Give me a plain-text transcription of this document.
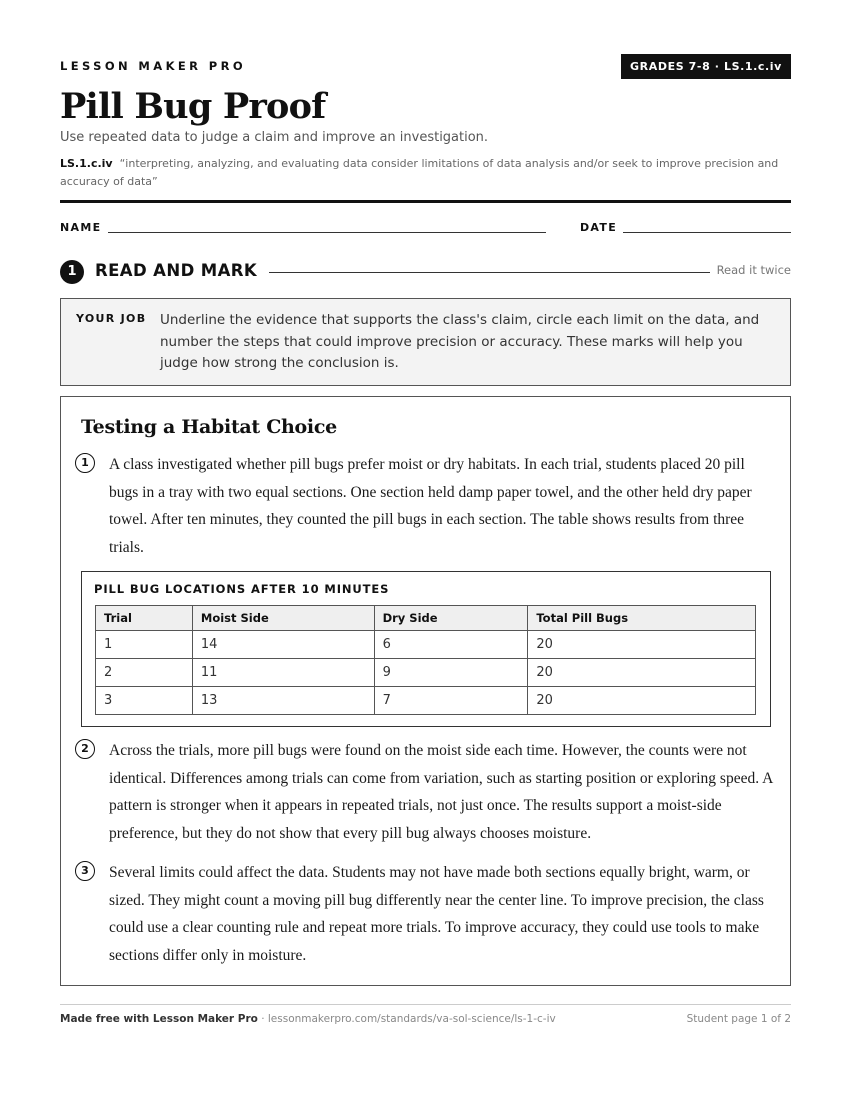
LESSON MAKER PRO	GRADES 7-8 · LS.1.c.iv
Pill Bug Proof
Use repeated data to judge a claim and improve an investigation.
LS.1.c.iv “interpreting, analyzing, and evaluating data consider limitations of data analysis and/or seek to improve precision and accuracy of data”
NAME	DATE
1	READ AND MARK	Read it twice
YOUR JOB Underline the evidence that supports the class's claim, circle each limit on the data, and number the steps that could improve precision or accuracy. These marks will help you judge how strong the conclusion is.
Testing a Habitat Choice
1	A class investigated whether pill bugs prefer moist or dry habitats. In each trial, students placed 20 pill bugs in a tray with two equal sections. One section held damp paper towel, and the other held dry paper towel. After ten minutes, they counted the pill bugs in each section. The table shows results from three trials.
PILL BUG LOCATIONS AFTER 10 MINUTES
Trial	Moist Side	Dry Side	Total Pill Bugs
1	14	6	20
2	11	9	20
3	13	7	20
2	Across the trials, more pill bugs were found on the moist side each time. However, the counts were not identical. Differences among trials can come from variation, such as starting position or exploring speed. A pattern is stronger when it appears in repeated trials, not just once. The results support a moist-side preference, but they do not show that every pill bug always chooses moisture.
3	Several limits could affect the data. Students may not have made both sections equally bright, warm, or sized. They might count a moving pill bug differently near the center line. To improve precision, the class could use a clear counting rule and repeat more trials. To improve accuracy, they could use tools to make sections differ only in moisture.
Made free with Lesson Maker Pro · lessonmakerpro.com/standards/va-sol-science/ls-1-c-iv	Student page 1 of 2
